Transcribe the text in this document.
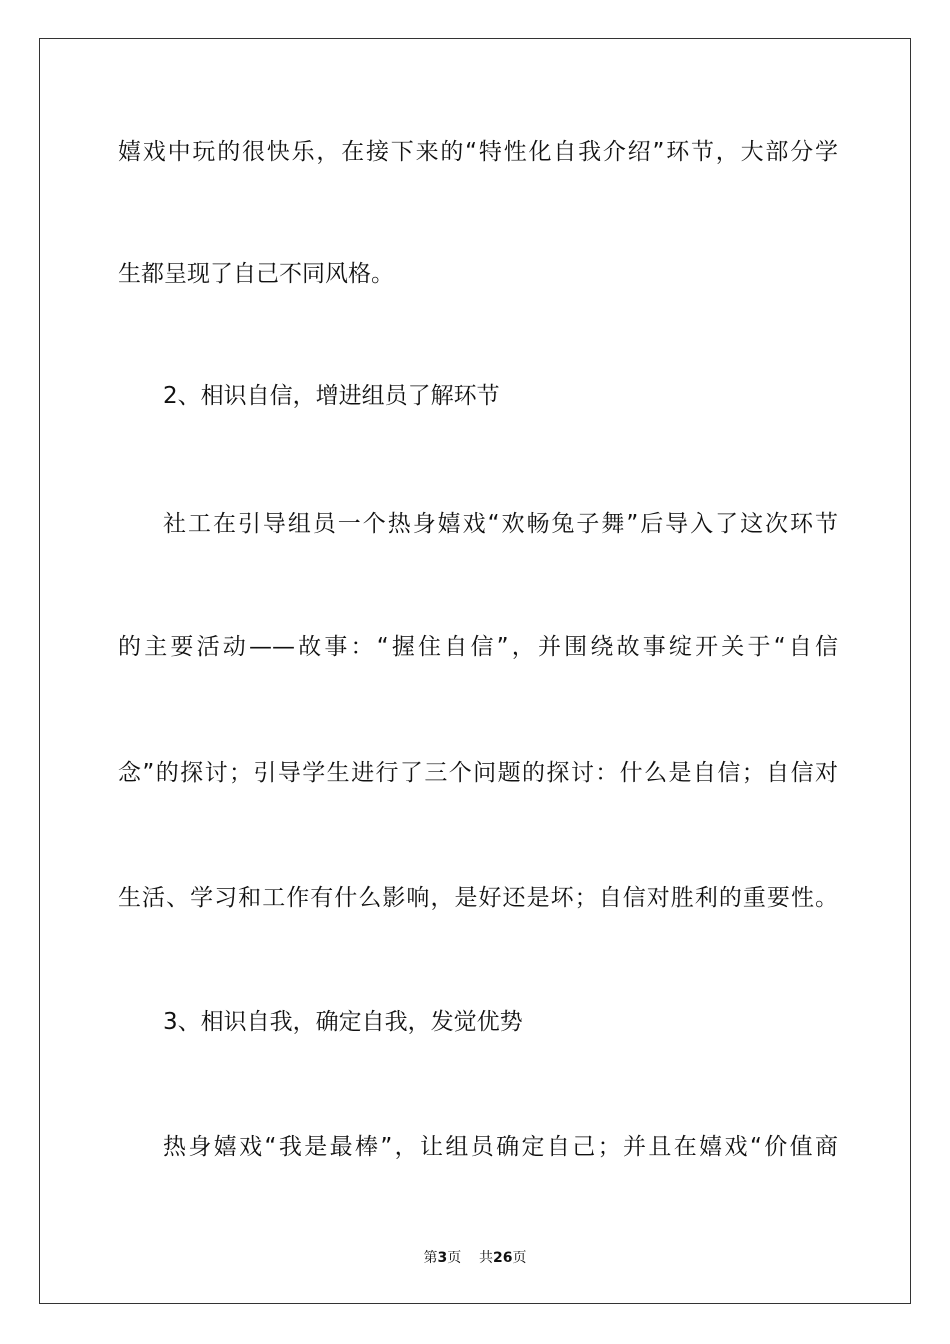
嬉戏中玩的很快乐，在接下来的“特性化自我介绍”环节，大部分学

生都呈现了自己不同风格。

2、相识自信，增进组员了解环节

社工在引导组员一个热身嬉戏“欢畅兔子舞”后导入了这次环节

的主要活动——故事：“握住自信”，并围绕故事绽开关于“自信

念”的探讨；引导学生进行了三个问题的探讨：什么是自信；自信对

生活、学习和工作有什么影响，是好还是坏；自信对胜利的重要性。

3、相识自我，确定自我，发觉优势

热身嬉戏“我是最棒”，让组员确定自己；并且在嬉戏“价值商

第3页 共26页
